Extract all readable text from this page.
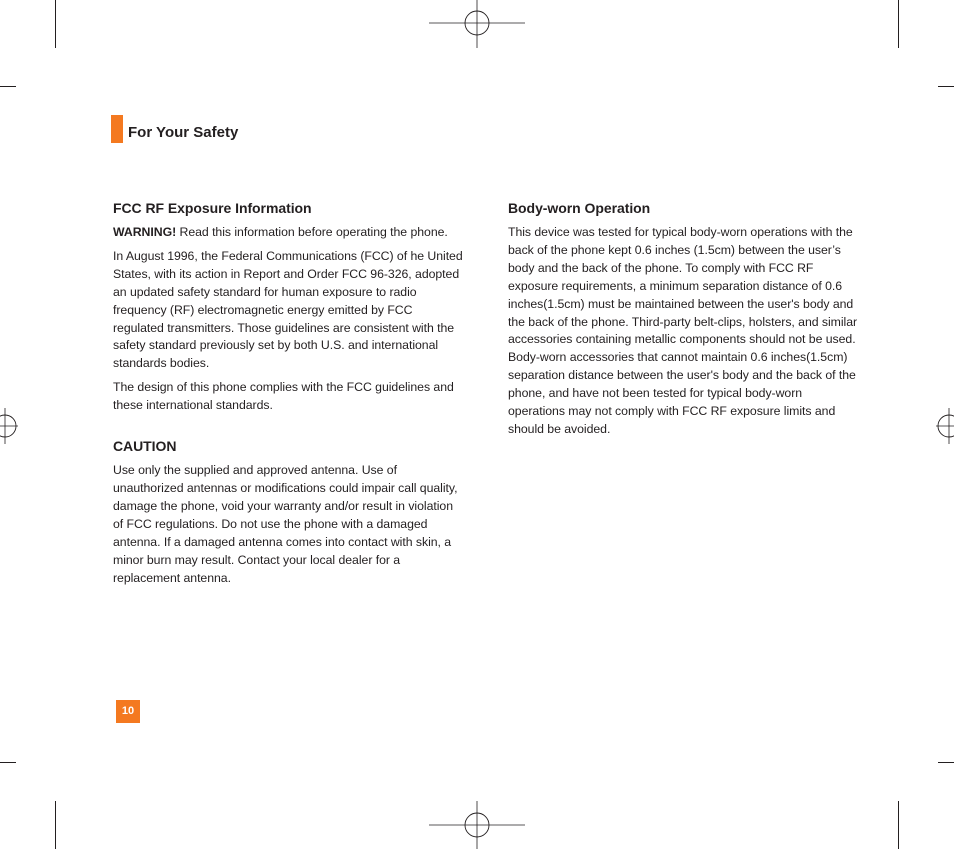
For Your Safety
FCC RF Exposure Information

WARNING! Read this information before operating the phone.

In August 1996, the Federal Communications (FCC) of he United States, with its action in Report and Order FCC 96-326, adopted an updated safety standard for human exposure to radio frequency (RF) electromagnetic energy emitted by FCC regulated transmitters. Those guidelines are consistent with the safety standard previously set by both U.S. and international standards bodies.

The design of this phone complies with the FCC guidelines and these international standards.

CAUTION

Use only the supplied and approved antenna. Use of unauthorized antennas or modifications could impair call quality, damage the phone, void your warranty and/or result in violation of FCC regulations. Do not use the phone with a damaged antenna. If a damaged antenna comes into contact with skin, a minor burn may result. Contact your local dealer for a replacement antenna.

Body-worn Operation

This device was tested for typical body-worn operations with the back of the phone kept 0.6 inches (1.5cm) between the user’s body and the back of the phone. To comply with FCC RF exposure requirements, a minimum separation distance of 0.6 inches(1.5cm) must be maintained between the user's body and the back of the phone. Third-party belt-clips, holsters, and similar accessories containing metallic components should not be used. Body-worn accessories that cannot maintain 0.6 inches(1.5cm) separation distance between the user's body and the back of the phone, and have not been tested for typical body-worn operations may not comply with FCC RF exposure limits and should be avoided.

10
